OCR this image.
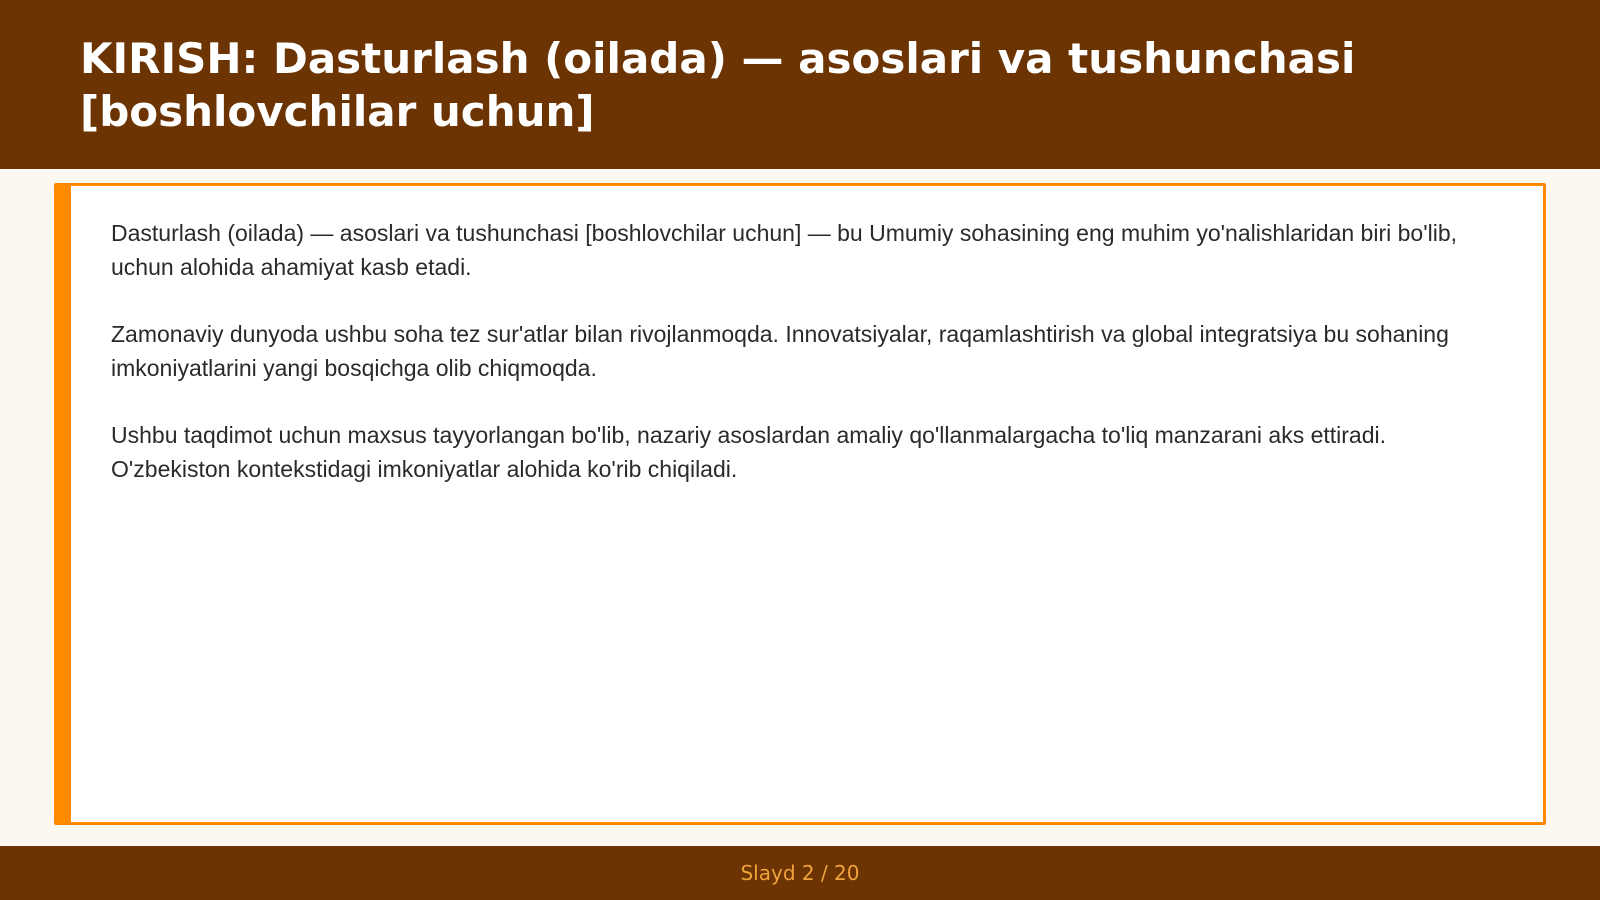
KIRISH: Dasturlash (oilada) — asoslari va tushunchasi [boshlovchilar uchun]

Dasturlash (oilada) — asoslari va tushunchasi [boshlovchilar uchun] — bu Umumiy sohasining eng muhim yo'nalishlaridan biri bo'lib, uchun alohida ahamiyat kasb etadi.

Zamonaviy dunyoda ushbu soha tez sur'atlar bilan rivojlanmoqda. Innovatsiyalar, raqamlashtirish va global integratsiya bu sohaning imkoniyatlarini yangi bosqichga olib chiqmoqda.

Ushbu taqdimot uchun maxsus tayyorlangan bo'lib, nazariy asoslardan amaliy qo'llanmalargacha to'liq manzarani aks ettiradi. O'zbekiston kontekstidagi imkoniyatlar alohida ko'rib chiqiladi.

Slayd 2 / 20
